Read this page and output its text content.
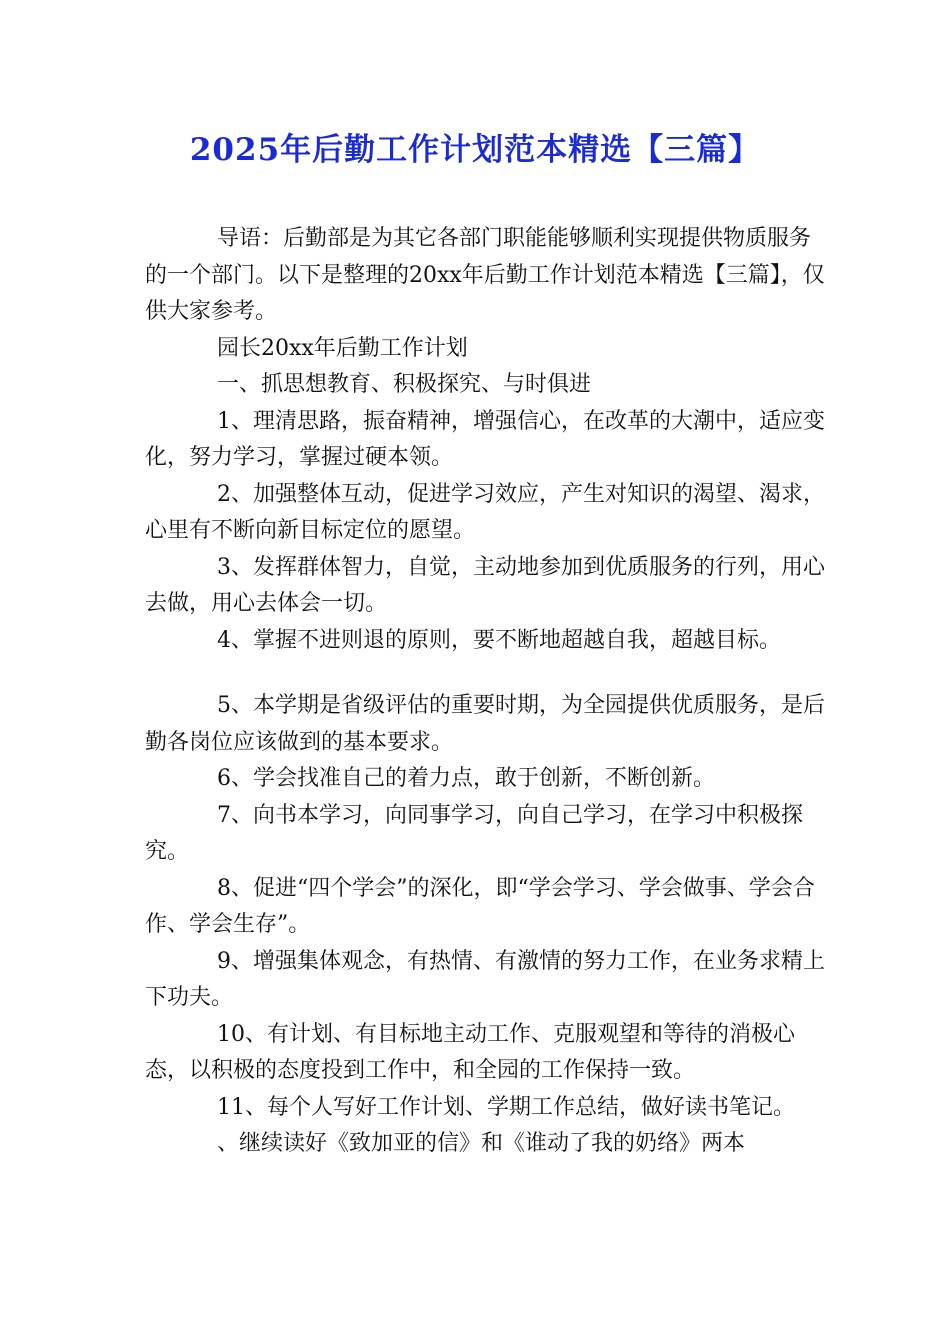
2025年后勤工作计划范本精选【三篇】

导语：后勤部是为其它各部门职能能够顺利实现提供物质服务的一个部门。以下是整理的20xx年后勤工作计划范本精选【三篇】，仅供大家参考。

园长20xx年后勤工作计划

一、抓思想教育、积极探究、与时俱进

1、理清思路，振奋精神，增强信心，在改革的大潮中，适应变化，努力学习，掌握过硬本领。

2、加强整体互动，促进学习效应，产生对知识的渴望、渴求，心里有不断向新目标定位的愿望。

3、发挥群体智力，自觉，主动地参加到优质服务的行列，用心去做，用心去体会一切。

4、掌握不进则退的原则，要不断地超越自我，超越目标。

5、本学期是省级评估的重要时期，为全园提供优质服务，是后勤各岗位应该做到的基本要求。

6、学会找准自己的着力点，敢于创新，不断创新。

7、向书本学习，向同事学习，向自己学习，在学习中积极探究。

8、促进“四个学会”的深化，即“学会学习、学会做事、学会合作、学会生存”。

9、增强集体观念，有热情、有激情的努力工作，在业务求精上下功夫。

10、有计划、有目标地主动工作、克服观望和等待的消极心态，以积极的态度投到工作中，和全园的工作保持一致。

11、每个人写好工作计划、学期工作总结，做好读书笔记。

、继续读好《致加亚的信》和《谁动了我的奶络》两本
